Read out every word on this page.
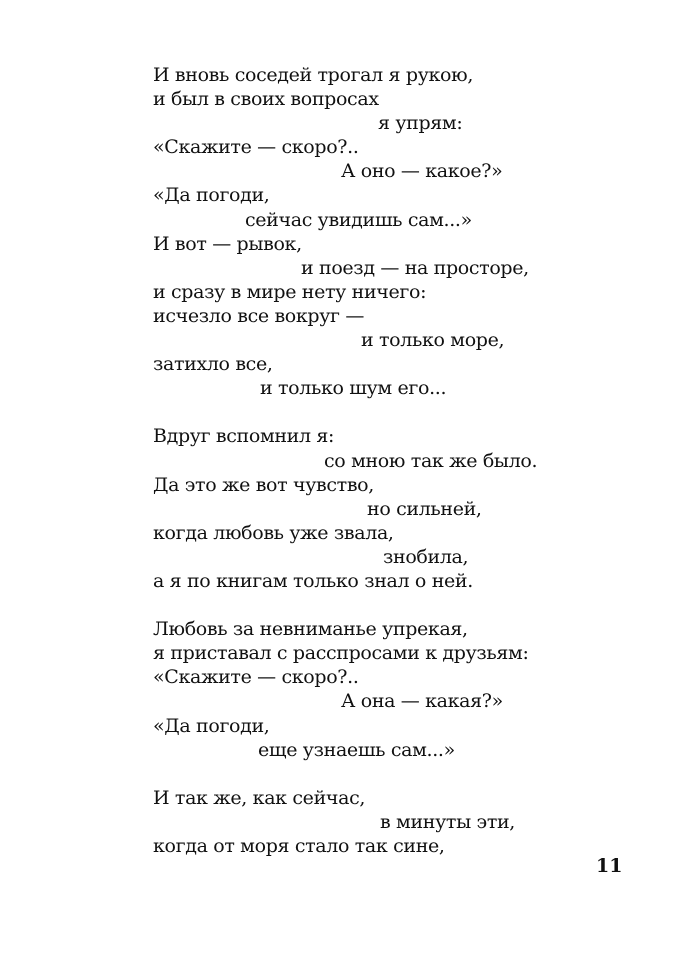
И вновь соседей трогал я рукою,
и был в своих вопросах
я упрям:
«Скажите — скоро?..
А оно — какое?»
«Да погоди,
сейчас увидишь сам...»
И вот — рывок,
и поезд — на просторе,
и сразу в мире нету ничего:
исчезло все вокруг —
и только море,
затихло все,
и только шум его...
Вдруг вспомнил я:
со мною так же было.
Да это же вот чувство,
но сильней,
когда любовь уже звала,
знобила,
а я по книгам только знал о ней.
Любовь за невниманье упрекая,
я приставал с расспросами к друзьям:
«Скажите — скоро?..
А она — какая?»
«Да погоди,
еще узнаешь сам...»
И так же, как сейчас,
в минуты эти,
когда от моря стало так сине,
11
